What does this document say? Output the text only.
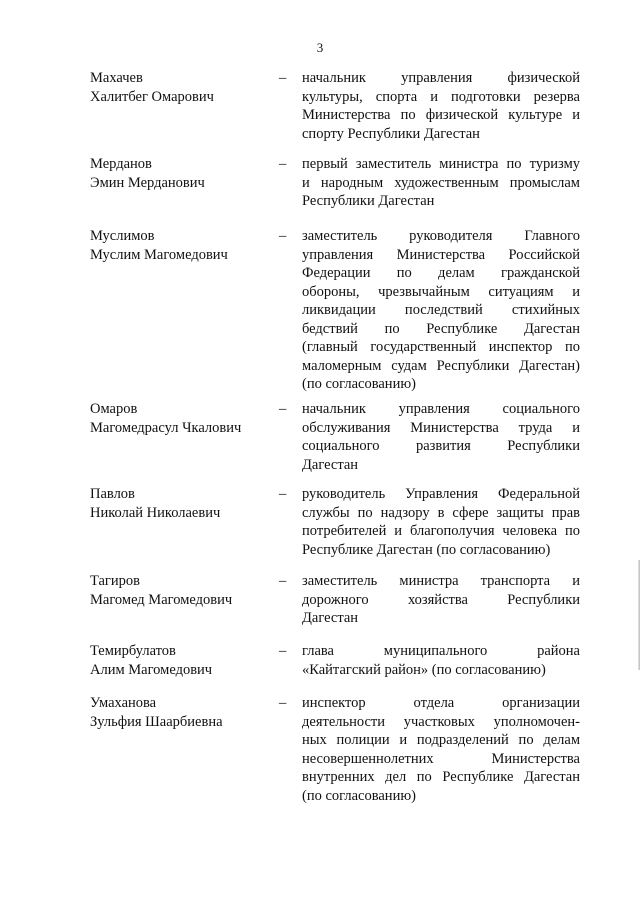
3
Махачев
Халитбег Омарович
– начальник управления физической
культуры, спорта и подготовки резерва
Министерства по физической культуре и
спорту Республики Дагестан
Мерданов
Эмин Мерданович
– первый заместитель министра по туризму
и народным художественным промыслам
Республики Дагестан
Муслимов
Муслим Магомедович
– заместитель руководителя Главного
управления Министерства Российской
Федерации по делам гражданской
обороны, чрезвычайным ситуациям и
ликвидации последствий стихийных
бедствий по Республике Дагестан
(главный государственный инспектор по
маломерным судам Республики Дагестан)
(по согласованию)
Омаров
Магомедрасул Чкалович
– начальник управления социального
обслуживания Министерства труда и
социального развития Республики
Дагестан
Павлов
Николай Николаевич
– руководитель Управления Федеральной
службы по надзору в сфере защиты прав
потребителей и благополучия человека по
Республике Дагестан (по согласованию)
Тагиров
Магомед Магомедович
– заместитель министра транспорта и
дорожного хозяйства Республики
Дагестан
Темирбулатов
Алим Магомедович
– глава муниципального района
«Кайтагский район» (по согласованию)
Умаханова
Зульфия Шаарбиевна
– инспектор отдела организации
деятельности участковых уполномочен-
ных полиции и подразделений по делам
несовершеннолетних Министерства
внутренних дел по Республике Дагестан
(по согласованию)
